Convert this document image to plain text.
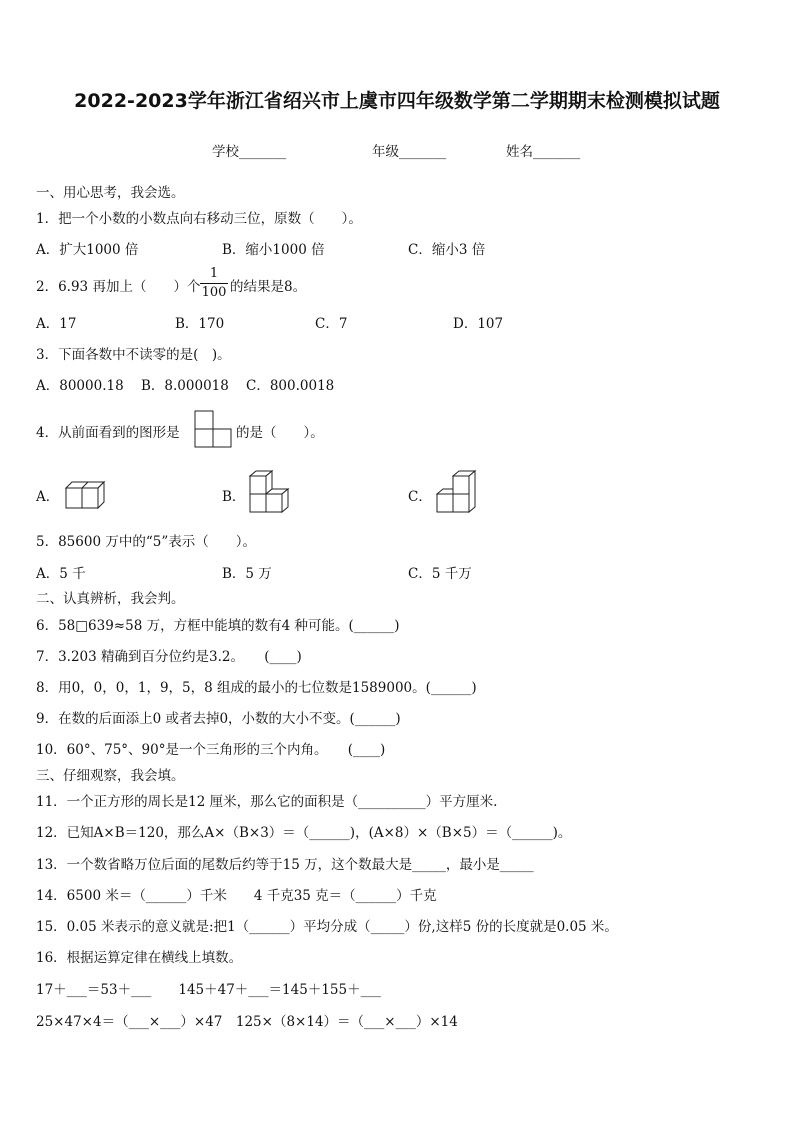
2022-2023学年浙江省绍兴市上虞市四年级数学第二学期期末检测模拟试题
学校_______	年级_______	姓名_______
一、用心思考，我会选。
1．把一个小数的小数点向右移动三位，原数（　　）。
A．扩大1000 倍	B．缩小1000 倍	C．缩小3 倍
2．6.93 再加上（　　）个
1
100 的结果是8。
A．17	B．170	C．7	D．107
3．下面各数中不读零的是(　)。
A．80000.18 B．8.000018 C．800.0018
4．从前面看到的图形是	的是（　　）。
A．	B．	C．
5．85600 万中的“5”表示（　　）。
A．5 千	B．5 万	C．5 千万
二、认真辨析，我会判。
6．58□639≈58 万，方框中能填的数有4 种可能。(______)
7．3.203 精确到百分位约是3.2。　　(____)
8．用0，0，0，1，9，5，8 组成的最小的七位数是1589000。(______)
9．在数的后面添上0 或者去掉0，小数的大小不变。(______)
10．60°、75°、90°是一个三角形的三个内角。　　(____)
三、仔细观察，我会填。
11．一个正方形的周长是12 厘米，那么它的面积是（__________）平方厘米.
12．已知A×B＝120，那么A×（B×3）＝（______)，(A×8）×（B×5）＝（______)。
13．一个数省略万位后面的尾数后约等于15 万，这个数最大是_____，最小是_____
14．6500 米＝（______）千米　　4 千克35 克＝（______）千克
15．0.05 米表示的意义就是:把1（______）平均分成（_____）份,这样5 份的长度就是0.05 米。
16．根据运算定律在横线上填数。
17＋___＝53＋___　　145＋47＋___＝145＋155＋___
25×47×4＝（___×___）×47　125×（8×14）＝（___×___）×14
